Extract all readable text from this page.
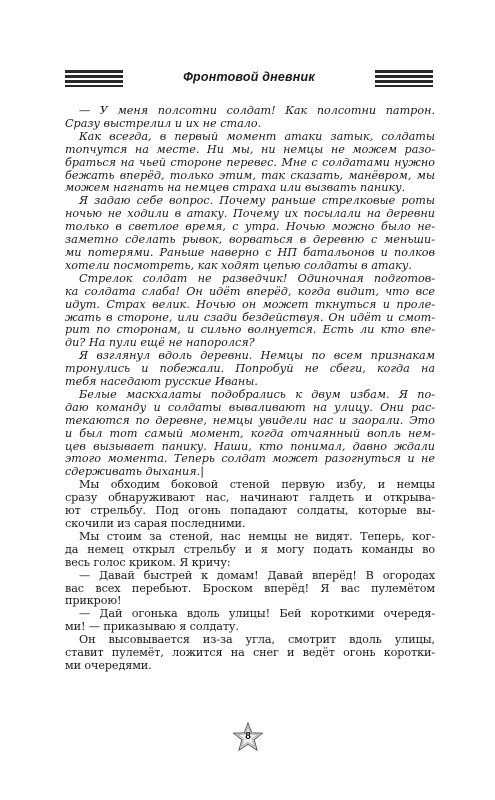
Фронтовой дневник

— У меня полсотни солдат! Как полсотни патрон.
Сразу выстрелил и их не стало.

Как всегда, в первый момент атаки затык, солдаты
топчутся на месте. Ни мы, ни немцы не можем разо-
браться на чьей стороне перевес. Мне с солдатами нужно
бежать вперёд, только этим, так сказать, манёвром, мы
можем нагнать на немцев страха или вызвать панику.

Я задаю себе вопрос. Почему раньше стрелковые роты
ночью не ходили в атаку. Почему их посылали на деревни
только в светлое время, с утра. Ночью можно было не-
заметно сделать рывок, ворваться в деревню с меньши-
ми потерями. Раньше наверно с НП батальонов и полков
хотели посмотреть, как ходят цепью солдаты в атаку.

Стрелок солдат не разведчик! Одиночная подготов-
ка солдата слаба! Он идёт вперёд, когда видит, что все
идут. Страх велик. Ночью он может ткнуться и проле-
жать в стороне, или сзади бездействуя. Он идёт и смот-
рит по сторонам, и сильно волнуется. Есть ли кто впе-
ди? На пули ещё не напоролся?

Я взглянул вдоль деревни. Немцы по всем признакам
тронулись и побежали. Попробуй не сбеги, когда на
тебя наседают русские Иваны.

Белые маскхалаты подобрались к двум избам. Я по-
даю команду и солдаты вываливают на улицу. Они рас-
текаются по деревне, немцы увидели нас и заорали. Это
и был тот самый момент, когда отчаянный вопль нем-
цев вызывает панику. Наши, кто понимал, давно ждали
этого момента. Теперь солдат может разогнуться и не
сдерживать дыхания.|

Мы обходим боковой стеной первую избу, и немцы
сразу обнаруживают нас, начинают галдеть и открыва-
ют стрельбу. Под огонь попадают солдаты, которые вы-
скочили из сарая последними.

Мы стоим за стеной, нас немцы не видят. Теперь, ког-
да немец открыл стрельбу и я могу подать команды во
весь голос криком. Я кричу:

— Давай быстрей к домам! Давай вперёд! В огородах
вас всех перебьют. Броском вперёд! Я вас пулемётом
прикрою!

— Дай огонька вдоль улицы! Бей короткими очередя-
ми! — приказываю я солдату.

Он высовывается из-за угла, смотрит вдоль улицы,
ставит пулемёт, ложится на снег и ведёт огонь коротки-
ми очередями.

8
